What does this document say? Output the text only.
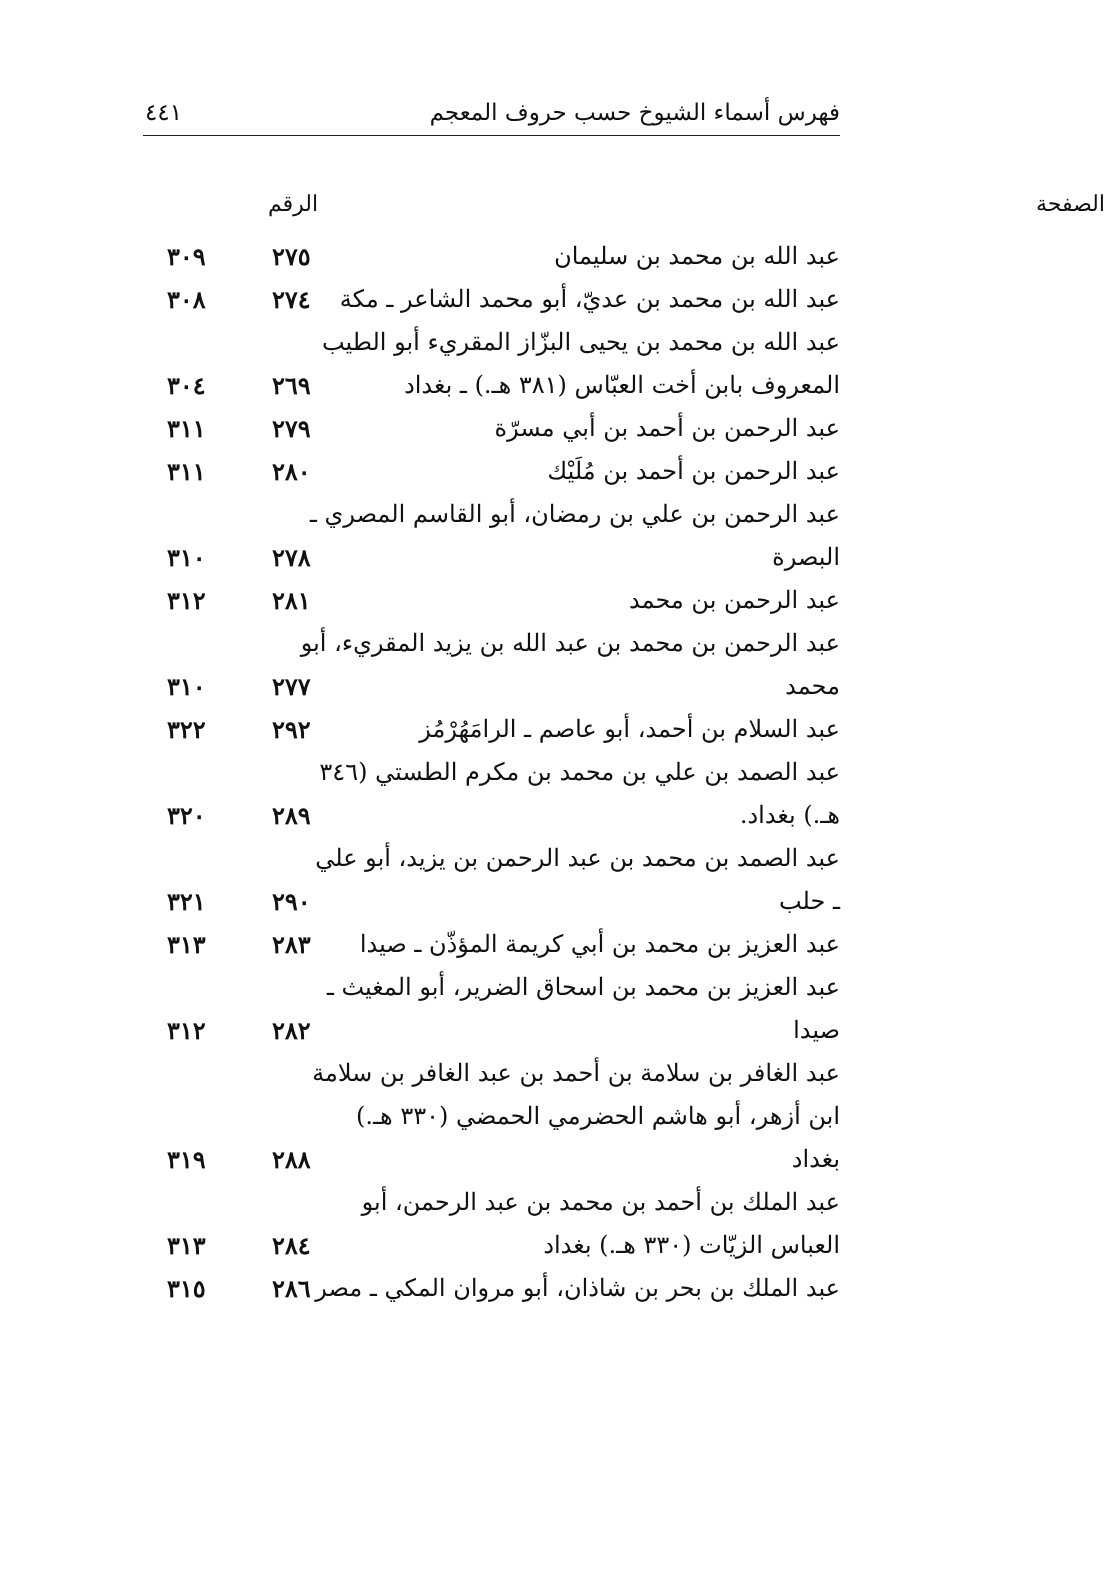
فهرس أسماء الشيوخ حسب حروف المعجم
٤٤١
الرقم	الصفحة
عبد الله بن محمد بن سليمان
٢٧٥
٣٠٩
عبد الله بن محمد بن عديّ، أبو محمد الشاعر ـ مكة
٢٧٤
٣٠٨
عبد الله بن محمد بن يحيى البزّاز المقريء أبو الطيب
المعروف بابن أخت العبّاس (٣٨١ هـ.) ـ بغداد
٢٦٩
٣٠٤
عبد الرحمن بن أحمد بن أبي مسرّة
٢٧٩
٣١١
عبد الرحمن بن أحمد بن مُلَيْك
٢٨٠
٣١١
عبد الرحمن بن علي بن رمضان، أبو القاسم المصري ـ
البصرة
٢٧٨
٣١٠
عبد الرحمن بن محمد
٢٨١
٣١٢
عبد الرحمن بن محمد بن عبد الله بن يزيد المقريء، أبو
محمد
٢٧٧
٣١٠
عبد السلام بن أحمد، أبو عاصم ـ الرامَهُرْمُز
٢٩٢
٣٢٢
عبد الصمد بن علي بن محمد بن مكرم الطستي (٣٤٦
هـ.) بغداد.
٢٨٩
٣٢٠
عبد الصمد بن محمد بن عبد الرحمن بن يزيد، أبو علي
ـ حلب
٢٩٠
٣٢١
عبد العزيز بن محمد بن أبي كريمة المؤذّن ـ صيدا
٢٨٣
٣١٣
عبد العزيز بن محمد بن اسحاق الضرير، أبو المغيث ـ
صيدا
٢٨٢
٣١٢
عبد الغافر بن سلامة بن أحمد بن عبد الغافر بن سلامة
ابن أزهر، أبو هاشم الحضرمي الحمضي (٣٣٠ هـ.)
بغداد
٢٨٨
٣١٩
عبد الملك بن أحمد بن محمد بن عبد الرحمن، أبو
العباس الزيّات (٣٣٠ هـ.) بغداد
٢٨٤
٣١٣
عبد الملك بن بحر بن شاذان، أبو مروان المكي ـ مصر
٢٨٦
٣١٥
